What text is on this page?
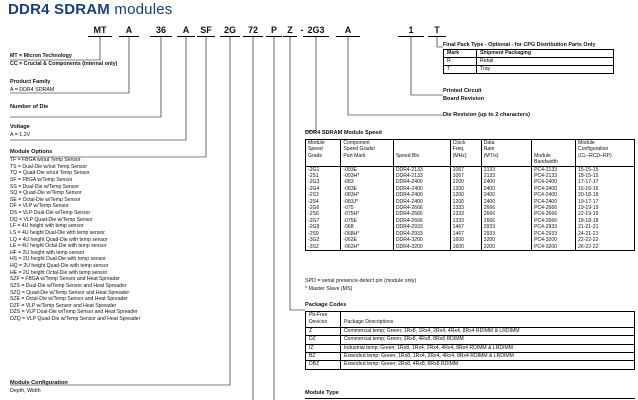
DDR4 SDRAM modules
MT	A	36	A	SF 2G	72	P	Z - 2G3	A	1	T
MT = Micron Technology
CC = Crucial & Components (internal only)
Product Family
A = DDR4 SDRAM
Number of Die
Voltage
A = 1.2V
Module Options
TF = FBGA w/out Temp Sensor
TS = Dual-Die w/out Temp Sensor
TQ = Quad-Die w/out Temp Sensor
SF = FBGA w/Temp Sensor
SS = Dual-Die w/Temp Sensor
SQ = Quad-Die w/Temp Sensor
SE = Octal-Die w/Temp Sensor
DF = VLP w/Temp Sensor
DS = VLP Dual-Die w/Temp Sensor
DQ = VLP Quad-Die w/Temp Sensor
LF = 4U height with temp sensor
LS = 4U height Dual-Die with temp sensor
LQ = 4U height Quad-Die with temp sensor
LE = 4U height Octal-Die with temp sensor
HF = 2U height with temp sensor
HS = 2U height Dual-Die with temp sensor
HQ = 2U height Quad-Die with temp sensor
HE = 2U height Octal-Die with temp sensor
SZF = FBGA w/Temp Sensor and Heat Spreader
SZS = Dual-Die w/Temp Sensor and Heat Spreader
SZQ = Quad-Die w/Temp Sensor and Heat Spreader
SZE = Octal-Die w/Temp Sensor and Heat Spreader
DZF = VLP w/Temp Sensor and Heat Spreader
DZS = VLP Dual-Die w/Temp Sensor and Heat Spreader
DZQ = VLP Quad-Die w/Temp Sensor and Heat Spreader
Module Configuration
Depth, Width
Final Pack Type - Optional - for CPG Distribution Parts Only
Mark	Shipment Packaging
R	Retail
T	Tray
Printed Circuit
Board Revision
Die Revision (up to 2 characters)
DDR4 SDRAM Module Speed
Module
Speed
Grade	Component
Speed Grade/
Part Mark	Speed Bin	Clock
Freq.
(MHz)	Data
Rate
(MT/s)	Module
Bandwidth	Module
Configuration
(CL–RCD–RP)
-2G1	-093E	DDR4-2133	1067	2133	PC4-2133	15-15-15
-2S1	-093H*	DDR4-2133	1067	2133	PC4-2133	18-15-15
-2G3	-083	DDR4-2400	1200	2400	PC4-2400	17-17-17
-2G4	-083E	DDR4-2400	1200	2400	PC4-2400	16-16-16
-2S3	-083H*	DDR4-2400	1200	2400	PC4-2400	20-18-18
-2S4	-083J*	DDR4-2400	1200	2400	PC4-2400	19-17-17
-2G6	-075	DDR4-2666	1333	2666	PC4-2666	19-19-19
-2S6	-075H*	DDR4-2666	1333	2666	PC4-2666	22-19-19
-2G7	-075E	DDR4-2666	1333	2666	PC4-2666	18-18-18
-2G9	-068	DDR4-2933	1467	2933	PC4-2933	21-21-21
-2S9	-068H*	DDR4-2933	1467	2933	PC4-2933	24-21-21
-3G2	-062E	DDR4-3200	1600	3200	PC4-3200	22-22-22
-3S2	-062H*	DDR4-3200	1600	3200	PC4-3200	26-22-22
SPD = serial presence-detect pin (module only)
* Master Slave (MS)
Package Codes
Pb-Free
Devices	Package Descriptions
Z	Commercial temp; Green; 1Rx8, 1Rx4, 2Rx4, 4Rx4, 8Rx4 RDIMM & LRDIMM
DZ	Commercial temp; Green; 2Rx8, 4Rx8, 8Rx8 RDIMM
IZ	Industrial temp; Green; 1Rx8, 1Rx4, 2Rx4, 4Rx4, 8Rx4 RDIMM & LRDIMM
BZ	Extended temp; Green; 1Rx8, 1Rx4, 2Rx4, 4Rx4, 8Rx4 RDIMM & LRDIMM
DBZ	Extended temp; Green; 2Rx8, 4Rx8, 8Rx8 RDIMM
Module Type
